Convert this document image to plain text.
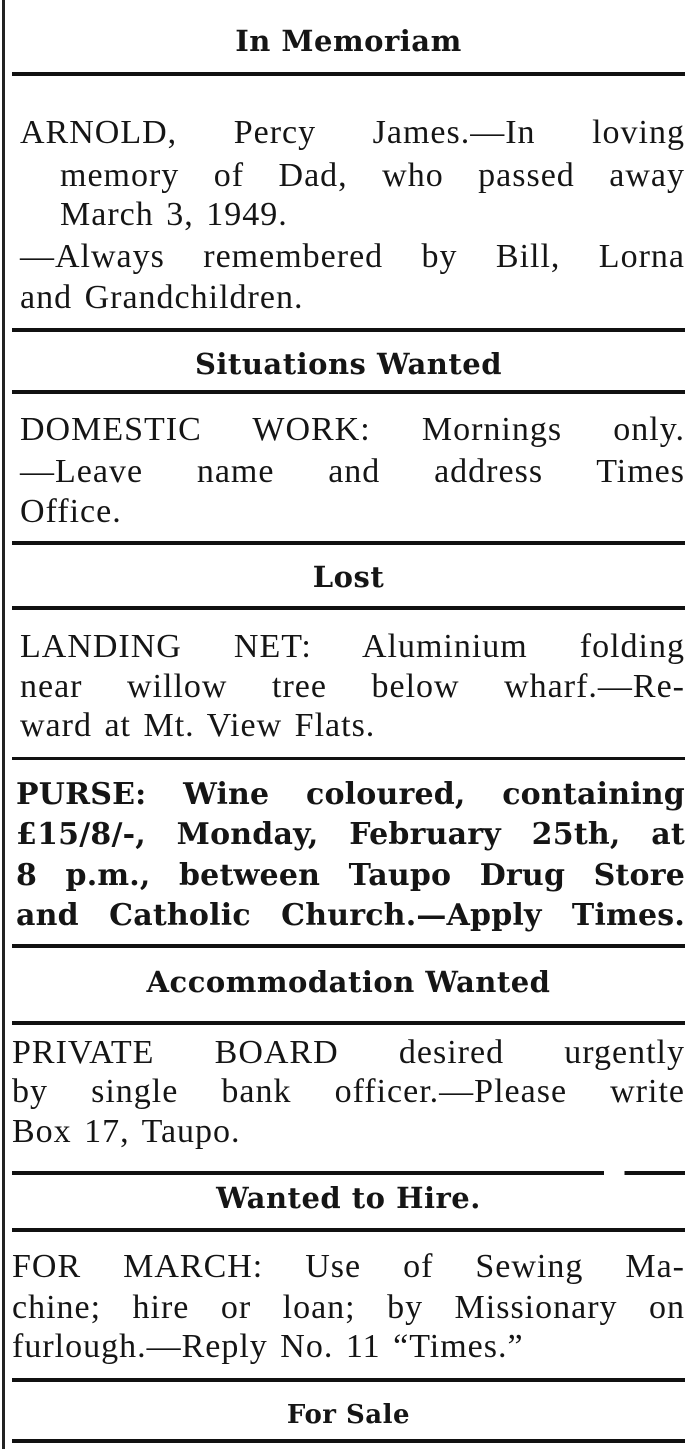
In Memoriam
ARNOLD, Percy James.—In loving
memory of Dad, who passed away
March 3, 1949.
—Always remembered by Bill, Lorna
and Grandchildren.
Situations Wanted
DOMESTIC WORK: Mornings only.
—Leave name and address Times
Office.
Lost
LANDING NET: Aluminium folding
near willow tree below wharf.—Re-
ward at Mt. View Flats.
PURSE: Wine coloured, containing
£15/8/-, Monday, February 25th, at
8 p.m., between Taupo Drug Store
and Catholic Church.—Apply Times.
Accommodation Wanted
PRIVATE BOARD desired urgently
by single bank officer.—Please write
Box 17, Taupo.
Wanted to Hire.
FOR MARCH: Use of Sewing Ma-
chine; hire or loan; by Missionary on
furlough.—Reply No. 11 “Times.”
For Sale
